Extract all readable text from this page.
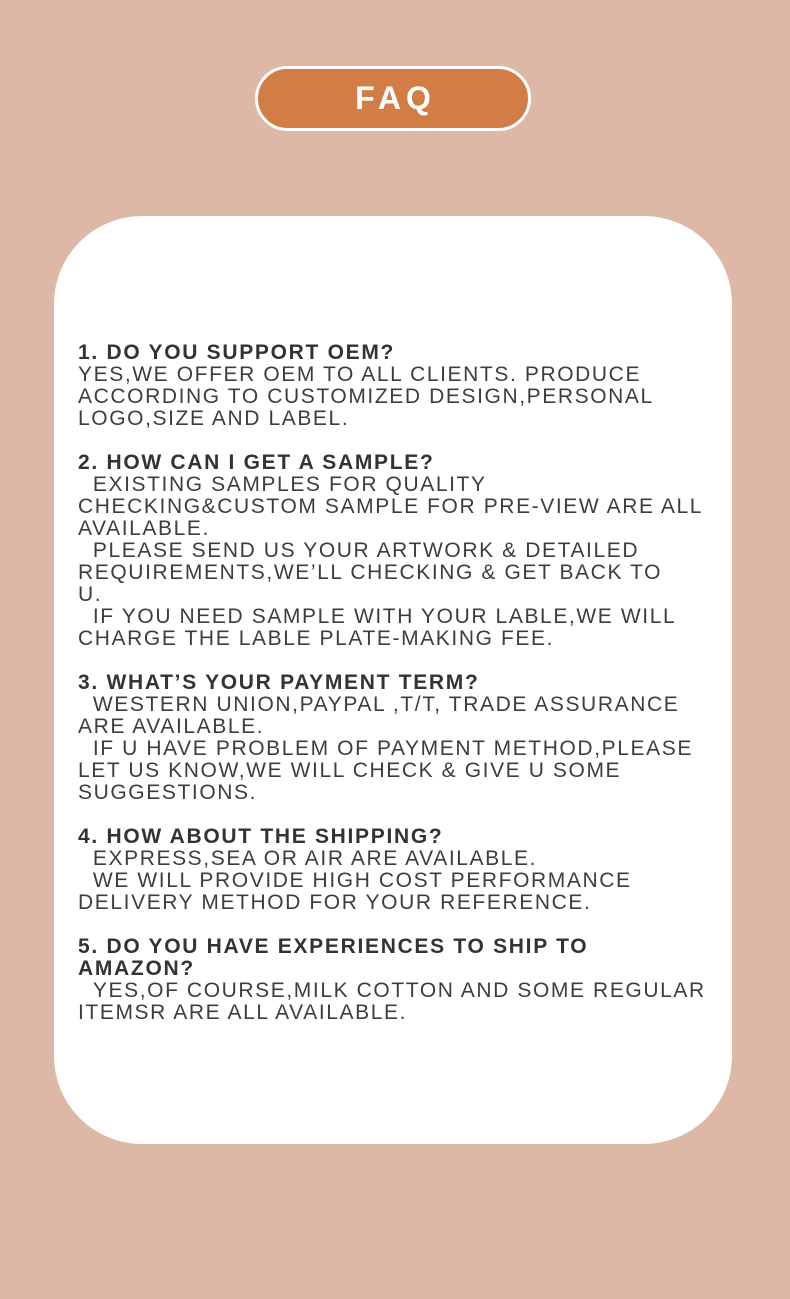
FAQ
1. DO YOU SUPPORT OEM?
YES,WE OFFER OEM TO ALL CLIENTS. PRODUCE
ACCORDING TO CUSTOMIZED DESIGN,PERSONAL
LOGO,SIZE AND LABEL.
2. HOW CAN I GET A SAMPLE?
EXISTING SAMPLES FOR QUALITY
CHECKING&CUSTOM SAMPLE FOR PRE-VIEW ARE ALL
AVAILABLE.
PLEASE SEND US YOUR ARTWORK & DETAILED
REQUIREMENTS,WE’LL CHECKING & GET BACK TO
U.
IF YOU NEED SAMPLE WITH YOUR LABLE,WE WILL
CHARGE THE LABLE PLATE-MAKING FEE.
3. WHAT’S YOUR PAYMENT TERM?
WESTERN UNION,PAYPAL ,T/T, TRADE ASSURANCE
ARE AVAILABLE.
IF U HAVE PROBLEM OF PAYMENT METHOD,PLEASE
LET US KNOW,WE WILL CHECK & GIVE U SOME
SUGGESTIONS.
4. HOW ABOUT THE SHIPPING?
EXPRESS,SEA OR AIR ARE AVAILABLE.
WE WILL PROVIDE HIGH COST PERFORMANCE
DELIVERY METHOD FOR YOUR REFERENCE.
5. DO YOU HAVE EXPERIENCES TO SHIP TO
AMAZON?
YES,OF COURSE,MILK COTTON AND SOME REGULAR
ITEMSR ARE ALL AVAILABLE.
